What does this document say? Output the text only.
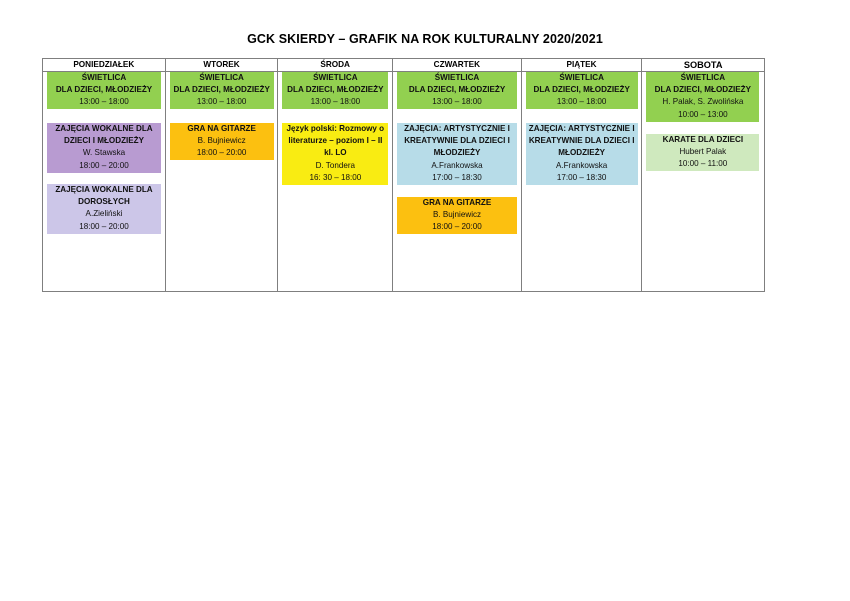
GCK SKIERDY – GRAFIK NA ROK KULTURALNY 2020/2021
PONIEDZIAŁEK
ŚWIETLICA
DLA DZIECI, MŁODZIEŻY
13:00 – 18:00
ZAJĘCIA WOKALNE DLA DZIECI I MŁODZIEŻY
W. Stawska
18:00 – 20:00
ZAJĘCIA WOKALNE DLA DOROSŁYCH
A.Zieliński
18:00 – 20:00
WTOREK
ŚWIETLICA
DLA DZIECI, MŁODZIEŻY
13:00 – 18:00
GRA NA GITARZE
B. Bujniewicz
18:00 – 20:00
ŚRODA
ŚWIETLICA
DLA DZIECI, MŁODZIEŻY
13:00 – 18:00
Język polski: Rozmowy o literaturze – poziom I – II kl. LO
D. Tondera
16: 30 – 18:00
CZWARTEK
ŚWIETLICA
DLA DZIECI, MŁODZIEŻY
13:00 – 18:00
ZAJĘCIA: ARTYSTYCZNIE I KREATYWNIE DLA DZIECI I MŁODZIEŻY
A.Frankowska
17:00 – 18:30
GRA NA GITARZE
B. Bujniewicz
18:00 – 20:00
PIĄTEK
ŚWIETLICA
DLA DZIECI, MŁODZIEŻY
13:00 – 18:00
ZAJĘCIA: ARTYSTYCZNIE I KREATYWNIE DLA DZIECI I MŁODZIEŻY
A.Frankowska
17:00 – 18:30
SOBOTA
ŚWIETLICA
DLA DZIECI, MŁODZIEŻY
H. Palak, S. Zwolińska
10:00 – 13:00
KARATE DLA DZIECI
Hubert Palak
10:00 – 11:00
